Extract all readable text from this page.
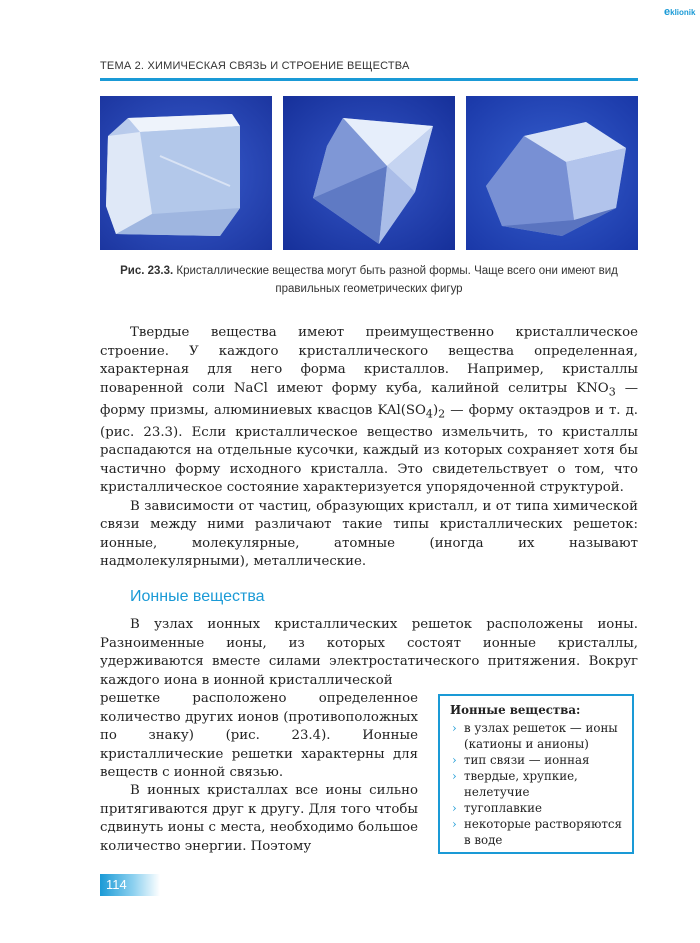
eklionik
ТЕМА 2. ХИМИЧЕСКАЯ СВЯЗЬ И СТРОЕНИЕ ВЕЩЕСТВА
Рис. 23.3. Кристаллические вещества могут быть разной формы. Чаще всего они имеют вид правильных геометрических фигур

Твердые вещества имеют преимущественно кристаллическое строение. У каждого кристаллического вещества определенная, характерная для него форма кристаллов. Например, кристаллы поваренной соли NaCl имеют форму куба, калийной селитры $KNO_3$ — форму призмы, алюминиевых квасцов $KAl(SO_4)_2$ — форму октаэдров и т. д. (рис. 23.3). Если кристаллическое вещество измельчить, то кристаллы распадаются на отдельные кусочки, каждый из которых сохраняет хотя бы частично форму исходного кристалла. Это свидетельствует о том, что кристаллическое состояние характеризуется упорядоченной структурой.

В зависимости от частиц, образующих кристалл, и от типа химической связи между ними различают такие типы кристаллических решеток: ионные, молекулярные, атомные (иногда их называют надмолекулярными), металлические.

Ионные вещества

В узлах ионных кристаллических решеток расположены ионы. Разноименные ионы, из которых состоят ионные кристаллы, удерживаются вместе силами электростатического притяжения. Вокруг каждого иона в ионной кристаллической

решетке расположено определенное количество других ионов (противоположных по знаку) (рис. 23.4). Ионные кристаллические решетки характерны для веществ с ионной связью.

В ионных кристаллах все ионы сильно притягиваются друг к другу. Для того чтобы сдвинуть ионы с места, необходимо большое количество энергии. Поэтому

Ионные вещества:
› в узлах решеток — ионы (катионы и анионы)
› тип связи — ионная
› твердые, хрупкие, нелетучие
› тугоплавкие
› некоторые растворяются в воде
114
